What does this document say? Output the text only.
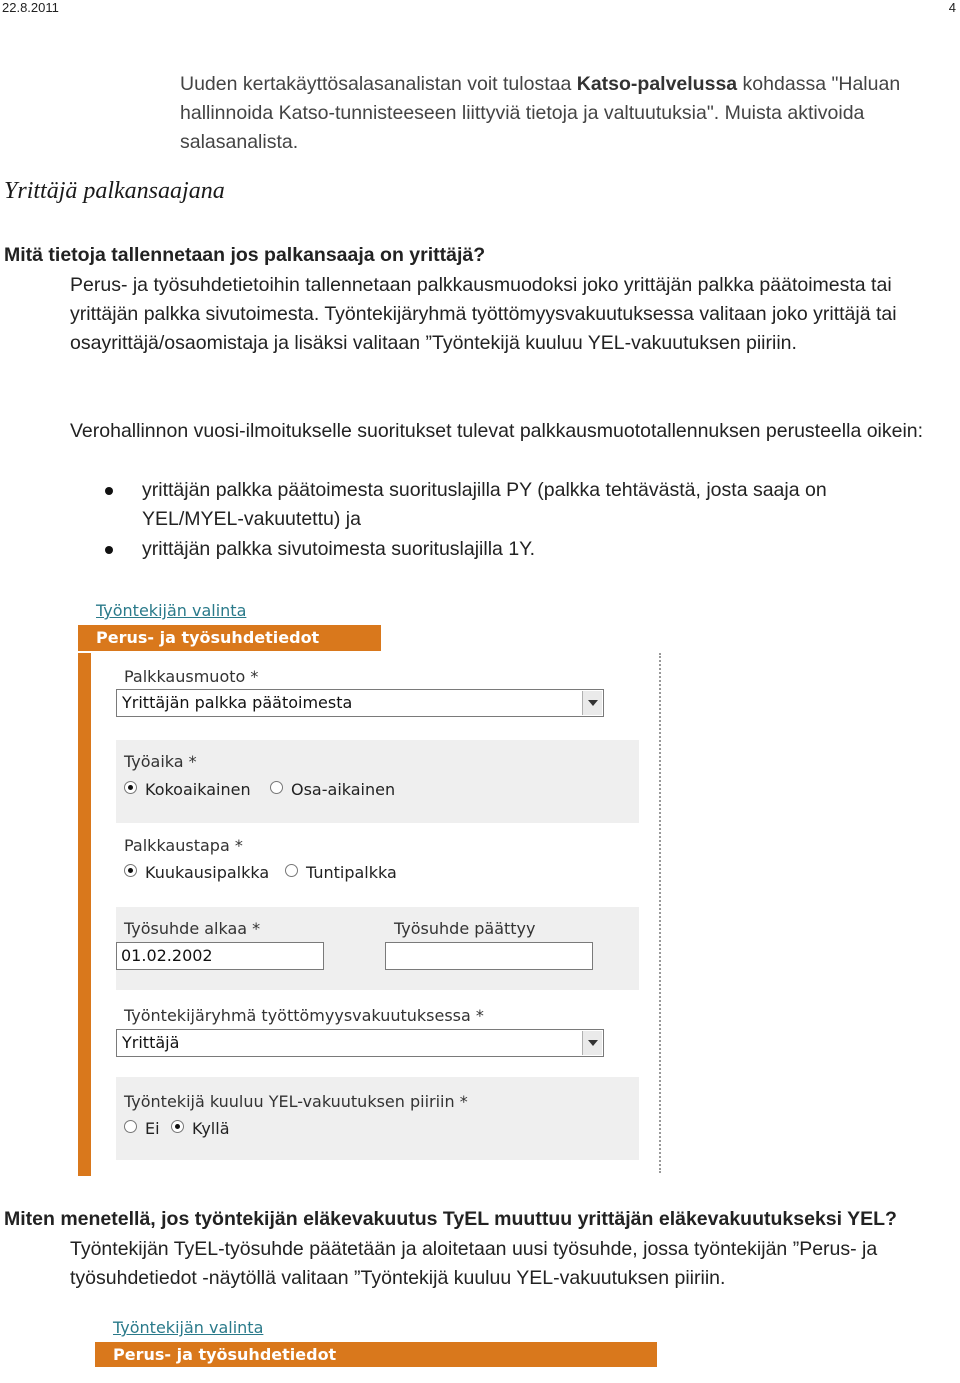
22.8.2011	4
Uuden kertakäyttösalasanalistan voit tulostaa Katso-palvelussa kohdassa "Haluan hallinnoida Katso-tunnisteeseen liittyviä tietoja ja valtuutuksia". Muista aktivoida salasanalista.
Yrittäjä palkansaajana
Mitä tietoja tallennetaan jos palkansaaja on yrittäjä?
Perus- ja työsuhdetietoihin tallennetaan palkkausmuodoksi joko yrittäjän palkka päätoimesta tai yrittäjän palkka sivutoimesta. Työntekijäryhmä työttömyysvakuutuksessa valitaan joko yrittäjä tai osayrittäjä/osaomistaja ja lisäksi valitaan ”Työntekijä kuuluu YEL-vakuutuksen piiriin.
Verohallinnon vuosi-ilmoitukselle suoritukset tulevat palkkausmuototallennuksen perusteella oikein:
yrittäjän palkka päätoimesta suorituslajilla PY (palkka tehtävästä, josta saaja on YEL/MYEL-vakuutettu) ja
yrittäjän palkka sivutoimesta suorituslajilla 1Y.
Työntekijän valinta
Perus- ja työsuhdetiedot
Palkkausmuoto *
Yrittäjän palkka päätoimesta
Työaika *
Kokoaikainen	Osa-aikainen
Palkkaustapa *
Kuukausipalkka Tuntipalkka
Työsuhde alkaa *
01.02.2002
Työsuhde päättyy
Työntekijäryhmä työttömyysvakuutuksessa *
Yrittäjä
Työntekijä kuuluu YEL-vakuutuksen piiriin *
Ei Kyllä
Miten menetellä, jos työntekijän eläkevakuutus TyEL muuttuu yrittäjän eläkevakuutukseksi YEL?
Työntekijän TyEL-työsuhde päätetään ja aloitetaan uusi työsuhde, jossa työntekijän ”Perus- ja työsuhdetiedot -näytöllä valitaan ”Työntekijä kuuluu YEL-vakuutuksen piiriin.
Työntekijän valinta
Perus- ja työsuhdetiedot
